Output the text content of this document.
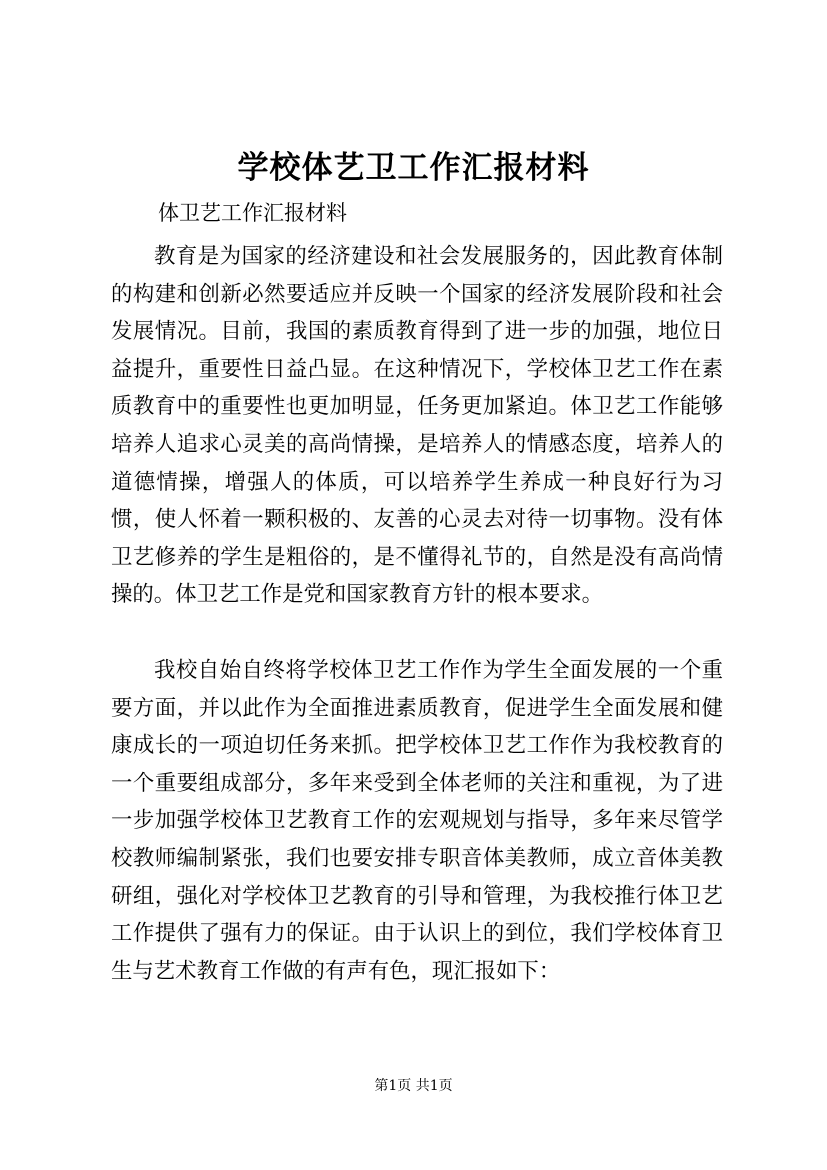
学校体艺卫工作汇报材料
体卫艺工作汇报材料

教育是为国家的经济建设和社会发展服务的，因此教育体制的构建和创新必然要适应并反映一个国家的经济发展阶段和社会发展情况。目前，我国的素质教育得到了进一步的加强，地位日益提升，重要性日益凸显。在这种情况下，学校体卫艺工作在素质教育中的重要性也更加明显，任务更加紧迫。体卫艺工作能够培养人追求心灵美的高尚情操，是培养人的情感态度，培养人的道德情操，增强人的体质，可以培养学生养成一种良好行为习惯，使人怀着一颗积极的、友善的心灵去对待一切事物。没有体卫艺修养的学生是粗俗的，是不懂得礼节的，自然是没有高尚情操的。体卫艺工作是党和国家教育方针的根本要求。

我校自始自终将学校体卫艺工作作为学生全面发展的一个重要方面，并以此作为全面推进素质教育，促进学生全面发展和健康成长的一项迫切任务来抓。把学校体卫艺工作作为我校教育的一个重要组成部分，多年来受到全体老师的关注和重视，为了进一步加强学校体卫艺教育工作的宏观规划与指导，多年来尽管学校教师编制紧张，我们也要安排专职音体美教师，成立音体美教研组，强化对学校体卫艺教育的引导和管理，为我校推行体卫艺工作提供了强有力的保证。由于认识上的到位，我们学校体育卫生与艺术教育工作做的有声有色，现汇报如下：

第1页 共1页
